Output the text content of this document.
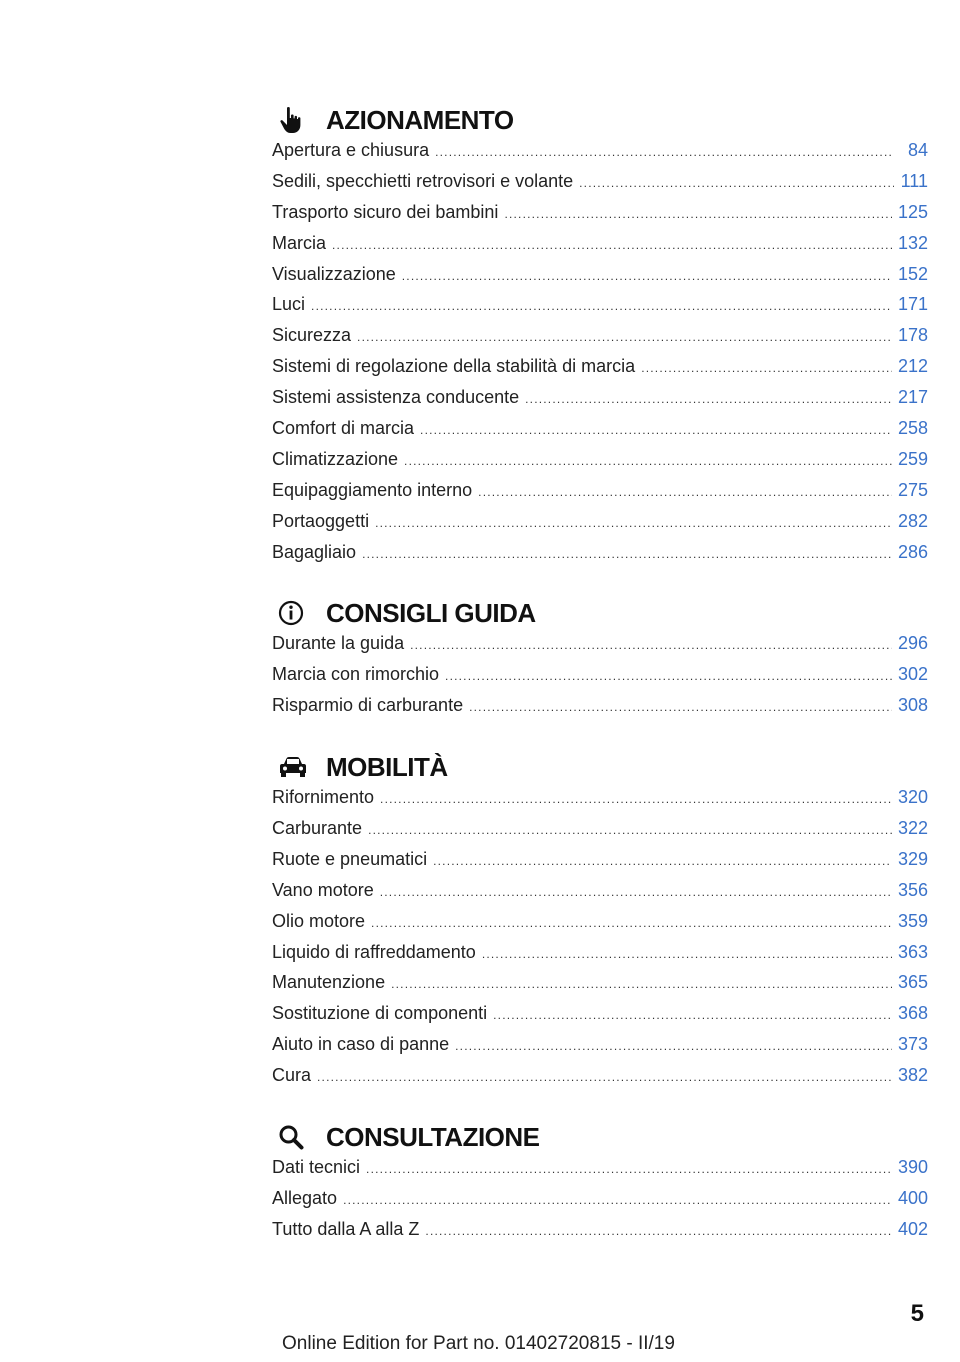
AZIONAMENTO
Apertura e chiusura .....	84
Sedili, specchietti retrovisori e volante .....	111
Trasporto sicuro dei bambini .....	125
Marcia .....	132
Visualizzazione .....	152
Luci .....	171
Sicurezza .....	178
Sistemi di regolazione della stabilità di marcia .....	212
Sistemi assistenza conducente .....	217
Comfort di marcia .....	258
Climatizzazione .....	259
Equipaggiamento interno .....	275
Portaoggetti .....	282
Bagagliaio .....	286
CONSIGLI GUIDA
Durante la guida .....	296
Marcia con rimorchio .....	302
Risparmio di carburante .....	308
MOBILITÀ
Rifornimento .....	320
Carburante .....	322
Ruote e pneumatici .....	329
Vano motore .....	356
Olio motore .....	359
Liquido di raffreddamento .....	363
Manutenzione .....	365
Sostituzione di componenti .....	368
Aiuto in caso di panne .....	373
Cura .....	382
CONSULTAZIONE
Dati tecnici .....	390
Allegato .....	400
Tutto dalla A alla Z .....	402
5
Online Edition for Part no. 01402720815 - II/19
